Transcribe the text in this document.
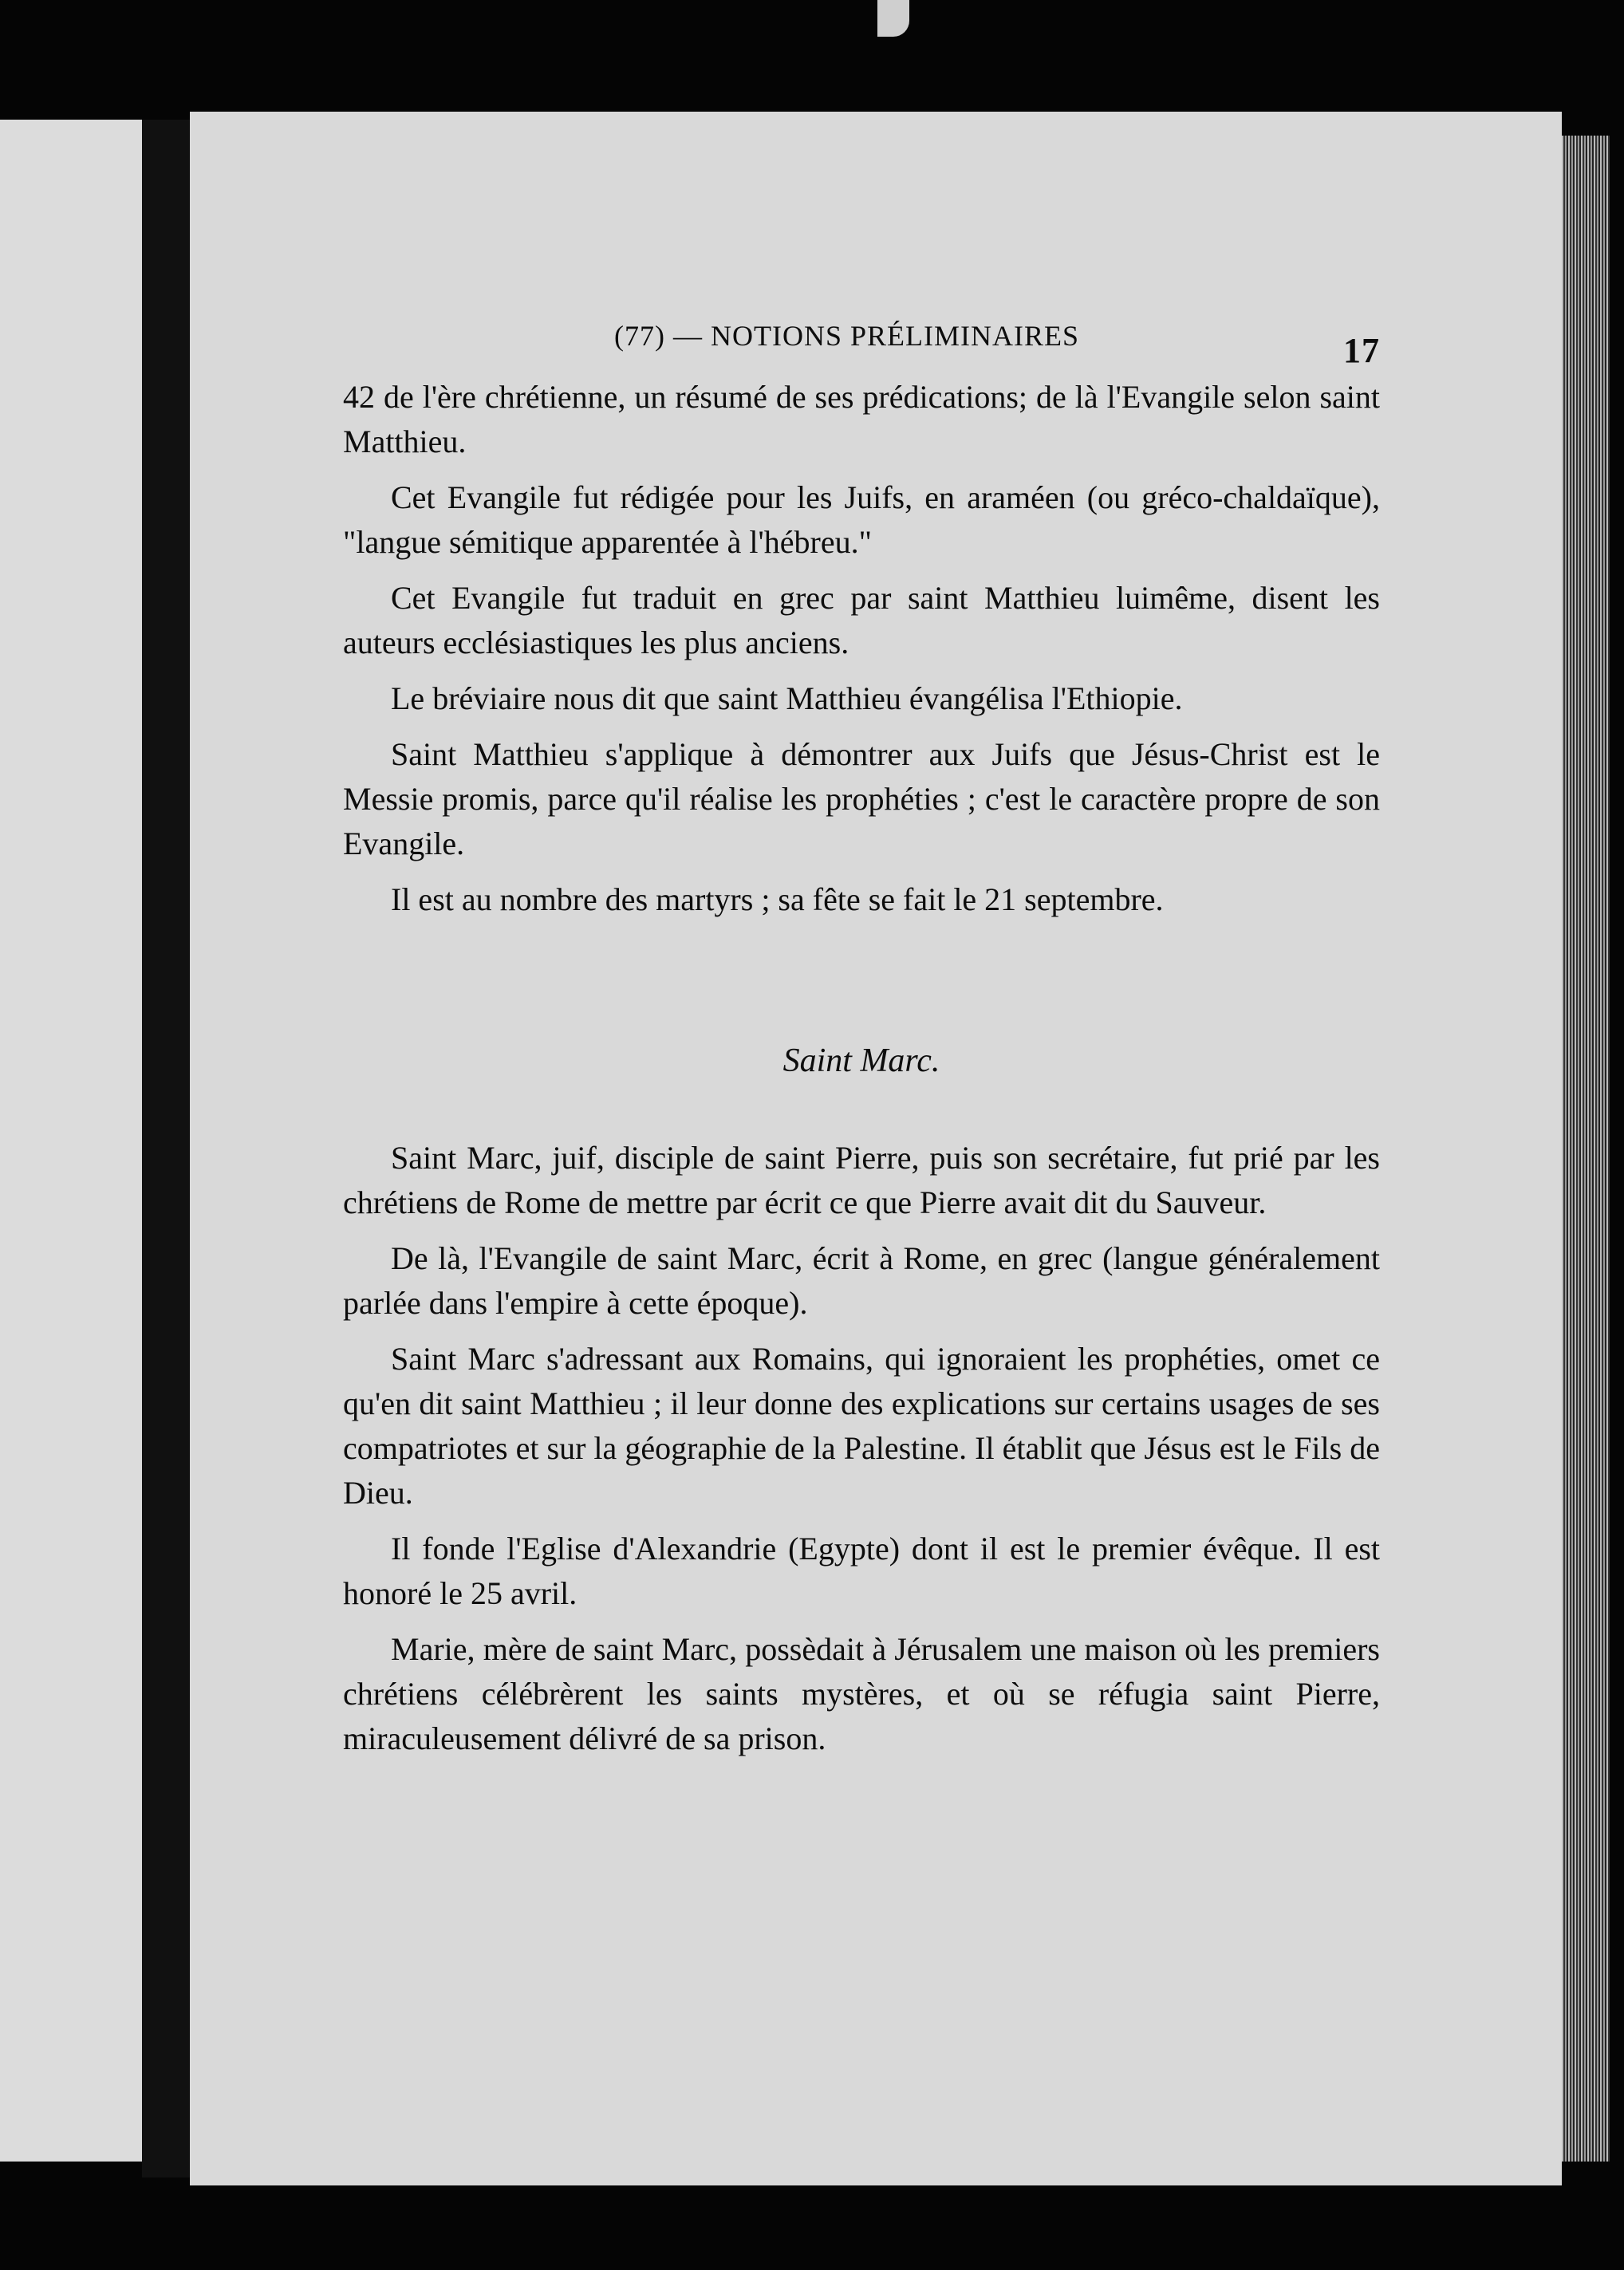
(77) — NOTIONS PRÉLIMINAIRES	17

42 de l'ère chrétienne, un résumé de ses prédications; de là l'Evangile selon saint Matthieu.

Cet Evangile fut rédigée pour les Juifs, en araméen (ou gréco-chaldaïque), "langue sémitique apparentée à l'hébreu."

Cet Evangile fut traduit en grec par saint Matthieu luimême, disent les auteurs ecclésiastiques les plus anciens.

Le bréviaire nous dit que saint Matthieu évangélisa l'Ethiopie.

Saint Matthieu s'applique à démontrer aux Juifs que Jésus-Christ est le Messie promis, parce qu'il réalise les prophéties ; c'est le caractère propre de son Evangile.

Il est au nombre des martyrs ; sa fête se fait le 21 septembre.

Saint Marc.

Saint Marc, juif, disciple de saint Pierre, puis son secrétaire, fut prié par les chrétiens de Rome de mettre par écrit ce que Pierre avait dit du Sauveur.

De là, l'Evangile de saint Marc, écrit à Rome, en grec (langue généralement parlée dans l'empire à cette époque).

Saint Marc s'adressant aux Romains, qui ignoraient les prophéties, omet ce qu'en dit saint Matthieu ; il leur donne des explications sur certains usages de ses compatriotes et sur la géographie de la Palestine. Il établit que Jésus est le Fils de Dieu.

Il fonde l'Eglise d'Alexandrie (Egypte) dont il est le premier évêque. Il est honoré le 25 avril.

Marie, mère de saint Marc, possèdait à Jérusalem une maison où les premiers chrétiens célébrèrent les saints mystères, et où se réfugia saint Pierre, miraculeusement délivré de sa prison.
